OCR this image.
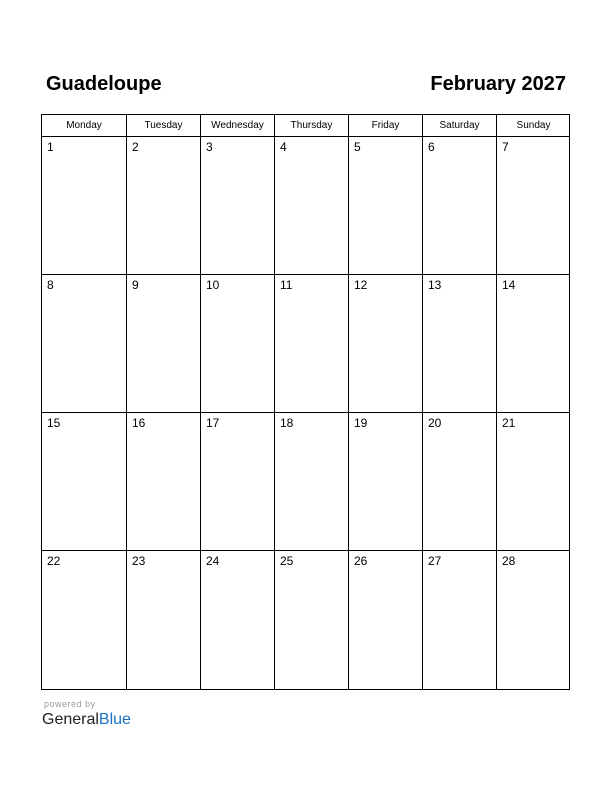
Guadeloupe	February 2027
Monday	Tuesday	Wednesday	Thursday	Friday	Saturday	Sunday
1	2	3	4	5	6	7
8	9	10	11	12	13	14
15	16	17	18	19	20	21
22	23	24	25	26	27	28
powered by
GeneralBlue
